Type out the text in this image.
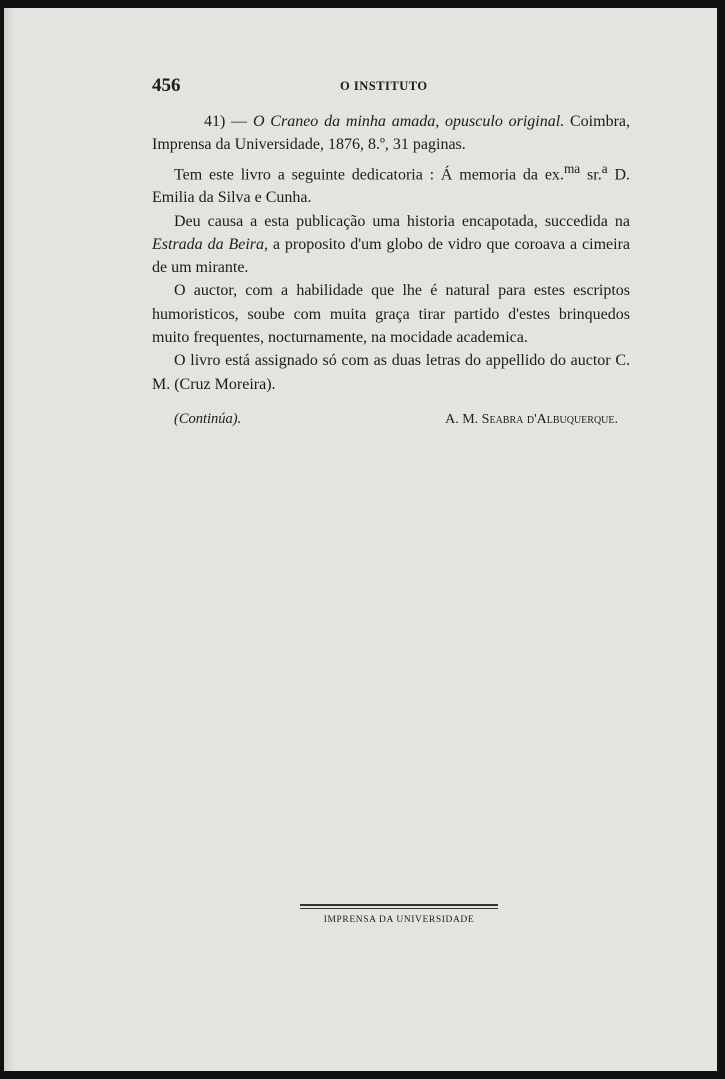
456	O INSTITUTO

41) — O Craneo da minha amada, opusculo original. Coimbra, Imprensa da Universidade, 1876, 8.º, 31 paginas.

Tem este livro a seguinte dedicatoria : Á memoria da ex.$^{ma}$ sr.$^a$ D. Emilia da Silva e Cunha.

Deu causa a esta publicação uma historia encapotada, succedida na Estrada da Beira, a proposito d'um globo de vidro que coroava a cimeira de um mirante.

O auctor, com a habilidade que lhe é natural para estes escriptos humoristicos, soube com muita graça tirar partido d'estes brinquedos muito frequentes, nocturnamente, na mocidade academica.

O livro está assignado só com as duas letras do appellido do auctor C. M. (Cruz Moreira).

(Continúa).	A. M. Seabra d'Albuquerque.
IMPRENSA DA UNIVERSIDADE
